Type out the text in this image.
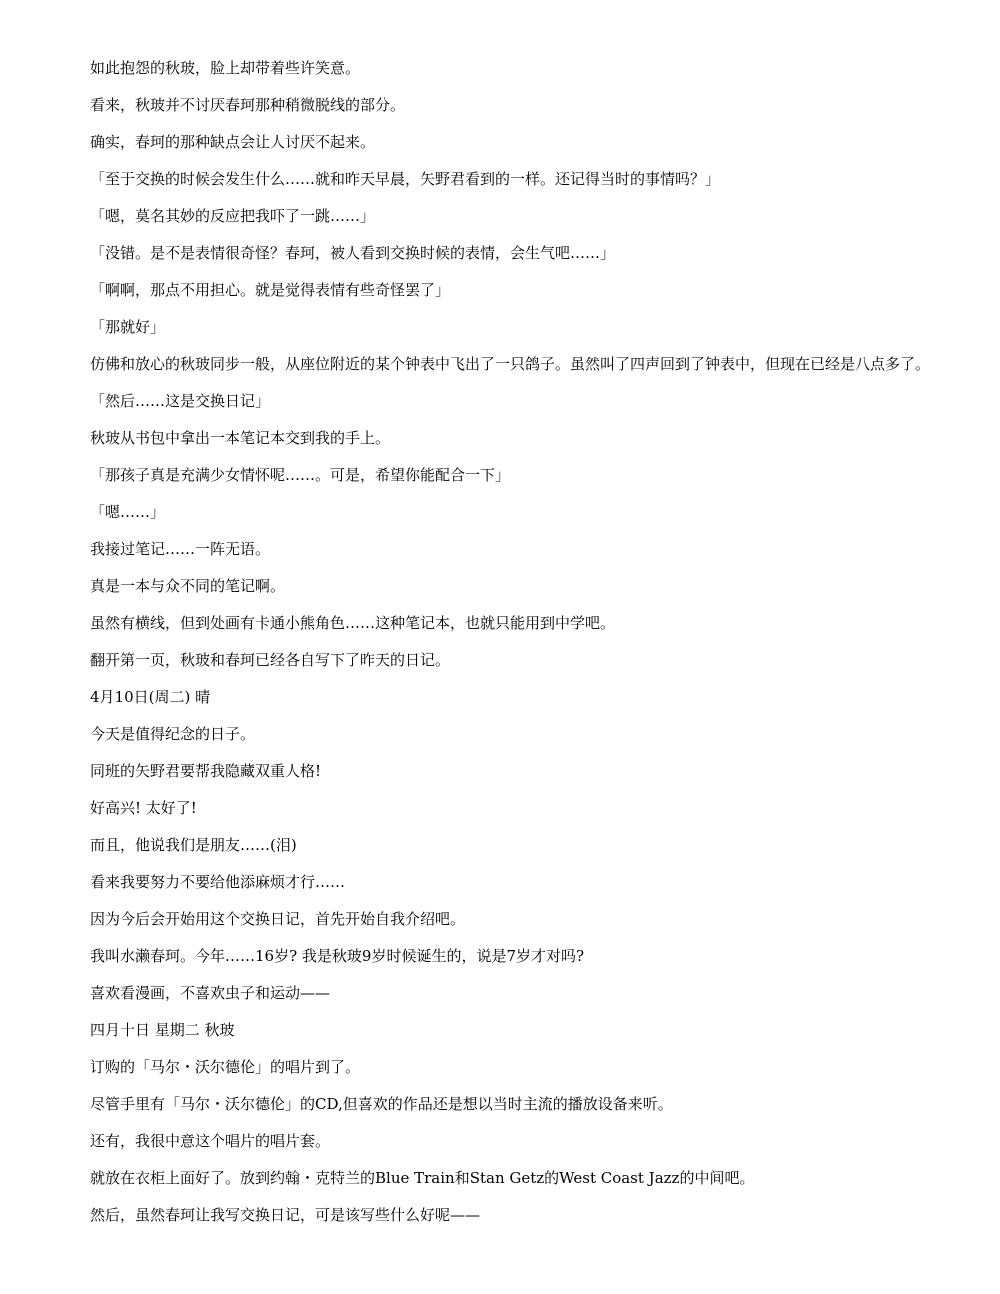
如此抱怨的秋玻，脸上却带着些许笑意。

看来，秋玻并不讨厌春珂那种稍微脱线的部分。

确实，春珂的那种缺点会让人讨厌不起来。

「至于交换的时候会发生什么……就和昨天早晨，矢野君看到的一样。还记得当时的事情吗？」

「嗯，莫名其妙的反应把我吓了一跳……」

「没错。是不是表情很奇怪？春珂，被人看到交换时候的表情，会生气吧……」

「啊啊，那点不用担心。就是觉得表情有些奇怪罢了」

「那就好」

仿佛和放心的秋玻同步一般，从座位附近的某个钟表中飞出了一只鸽子。虽然叫了四声回到了钟表中，但现在已经是八点多了。

「然后……这是交换日记」

秋玻从书包中拿出一本笔记本交到我的手上。

「那孩子真是充满少女情怀呢……。可是，希望你能配合一下」

「嗯……」

我接过笔记……一阵无语。

真是一本与众不同的笔记啊。

虽然有横线，但到处画有卡通小熊角色……这种笔记本，也就只能用到中学吧。

翻开第一页，秋玻和春珂已经各自写下了昨天的日记。

4月10日(周二) 晴

今天是值得纪念的日子。

同班的矢野君要帮我隐藏双重人格!

好高兴! 太好了!

而且，他说我们是朋友……(泪)

看来我要努力不要给他添麻烦才行……

因为今后会开始用这个交换日记，首先开始自我介绍吧。

我叫水濑春珂。今年……16岁? 我是秋玻9岁时候诞生的，说是7岁才对吗?

喜欢看漫画，不喜欢虫子和运动——

四月十日 星期二 秋玻

订购的「马尔・沃尔德伦」的唱片到了。

尽管手里有「马尔・沃尔德伦」的CD,但喜欢的作品还是想以当时主流的播放设备来听。

还有，我很中意这个唱片的唱片套。

就放在衣柜上面好了。放到约翰・克特兰的Blue Train和Stan Getz的West Coast Jazz的中间吧。

然后，虽然春珂让我写交换日记，可是该写些什么好呢——
